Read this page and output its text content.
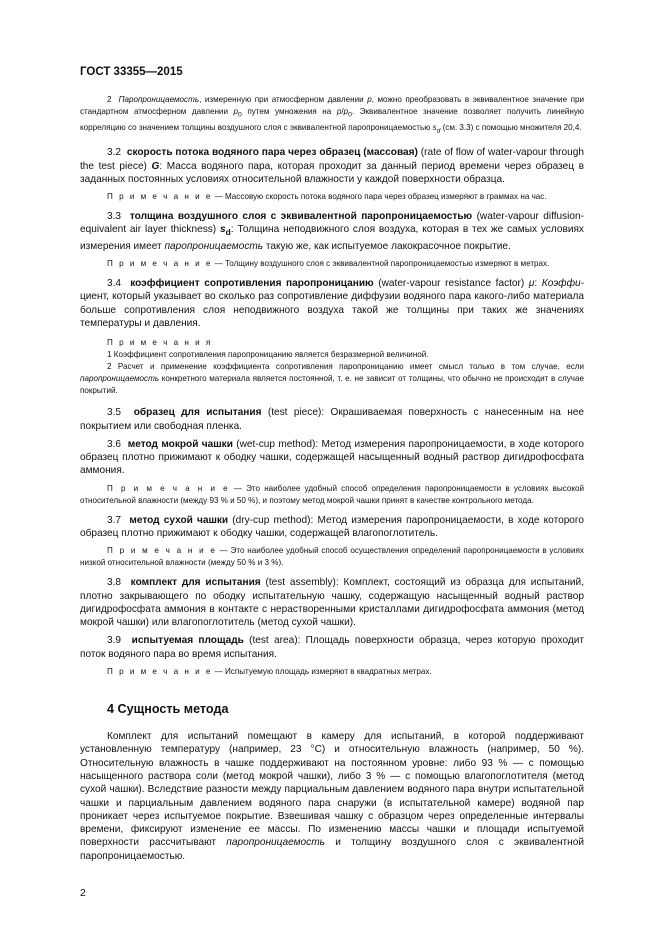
ГОСТ 33355—2015

2 Паропроницаемость, измеренную при атмосферном давлении p, можно преобразовать в эквивалентное значение при стандартном атмосферном давлении $p_0$ путем умножения на $p/p_0$. Эквивалентное значение позволяет получить линейную корреляцию со значением толщины воздушного слоя с эквивалентной паропроницаемостью $s_d$ (см. 3.3) с помощью множителя 20,4.

3.2 скорость потока водяного пара через образец (массовая) (rate of flow of water-vapour through the test piece) G: Масса водяного пара, которая проходит за данный период времени через образец в заданных постоянных условиях относительной влажности у каждой поверхности образца.

П р и м е ч а н и е — Массовую скорость потока водяного пара через образец измеряют в граммах на час.

3.3 толщина воздушного слоя с эквивалентной паропроницаемостью (water-vapour diffusion-equivalent air layer thickness) $s_d$: Толщина неподвижного слоя воздуха, которая в тех же самых условиях измерения имеет паропроницаемость такую же, как испытуемое лакокрасочное покрытие.

П р и м е ч а н и е — Толщину воздушного слоя с эквивалентной паропроницаемостью измеряют в метрах.

3.4 коэффициент сопротивления паропроницанию (water-vapour resistance factor) μ: Коэффи-циент, который указывает во сколько раз сопротивление диффузии водяного пара какого-либо материала больше сопротивления слоя неподвижного воздуха такой же толщины при таких же значениях температуры и давления.

П р и м е ч а н и я

1 Коэффициент сопротивления паропроницанию является безразмерной величиной.

2 Расчет и применение коэффициента сопротивления паропроницанию имеет смысл только в том случае, если паропроницаемость конкретного материала является постоянной, т. е. не зависит от толщины, что обычно не происходит в случае покрытий.

3.5 образец для испытания (test piece): Окрашиваемая поверхность с нанесенным на нее покрытием или свободная пленка.

3.6 метод мокрой чашки (wet-cup method): Метод измерения паропроницаемости, в ходе которого образец плотно прижимают к ободку чашки, содержащей насыщенный водный раствор дигидрофосфата аммония.

П р и м е ч а н и е — Это наиболее удобный способ определения паропроницаемости в условиях высокой относительной влажности (между 93 % и 50 %), и поэтому метод мокрой чашки принят в качестве контрольного метода.

3.7 метод сухой чашки (dry-cup method): Метод измерения паропроницаемости, в ходе которого образец плотно прижимают к ободку чашки, содержащей влагопоглотитель.

П р и м е ч а н и е — Это наиболее удобный способ осуществления определений паропроницаемости в условиях низкой относительной влажности (между 50 % и 3 %).

3.8 комплект для испытания (test assembly): Комплект, состоящий из образца для испытаний, плотно закрывающего по ободку испытательную чашку, содержащую насыщенный водный раствор дигидрофосфата аммония в контакте с нерастворенными кристаллами дигидрофосфата аммония (метод мокрой чашки) или влагопоглотитель (метод сухой чашки).

3.9 испытуемая площадь (test area): Площадь поверхности образца, через которую проходит поток водяного пара во время испытания.

П р и м е ч а н и е — Испытуемую площадь измеряют в квадратных метрах.

4 Сущность метода

Комплект для испытаний помещают в камеру для испытаний, в которой поддерживают установленную температуру (например, 23 °С) и относительную влажность (например, 50 %). Относительную влажность в чашке поддерживают на постоянном уровне: либо 93 % — с помощью насыщенного раствора соли (метод мокрой чашки), либо 3 % — с помощью влагопоглотителя (метод сухой чашки). Вследствие разности между парциальным давлением водяного пара внутри испытательной чашки и парциальным давлением водяного пара снаружи (в испытательной камере) водяной пар проникает через испытуемое покрытие. Взвешивая чашку с образцом через определенные интервалы времени, фиксируют изменение ее массы. По изменению массы чашки и площади испытуемой поверхности рассчитывают паропроницаемость и толщину воздушного слоя с эквивалентной паропроницаемостью.

2
